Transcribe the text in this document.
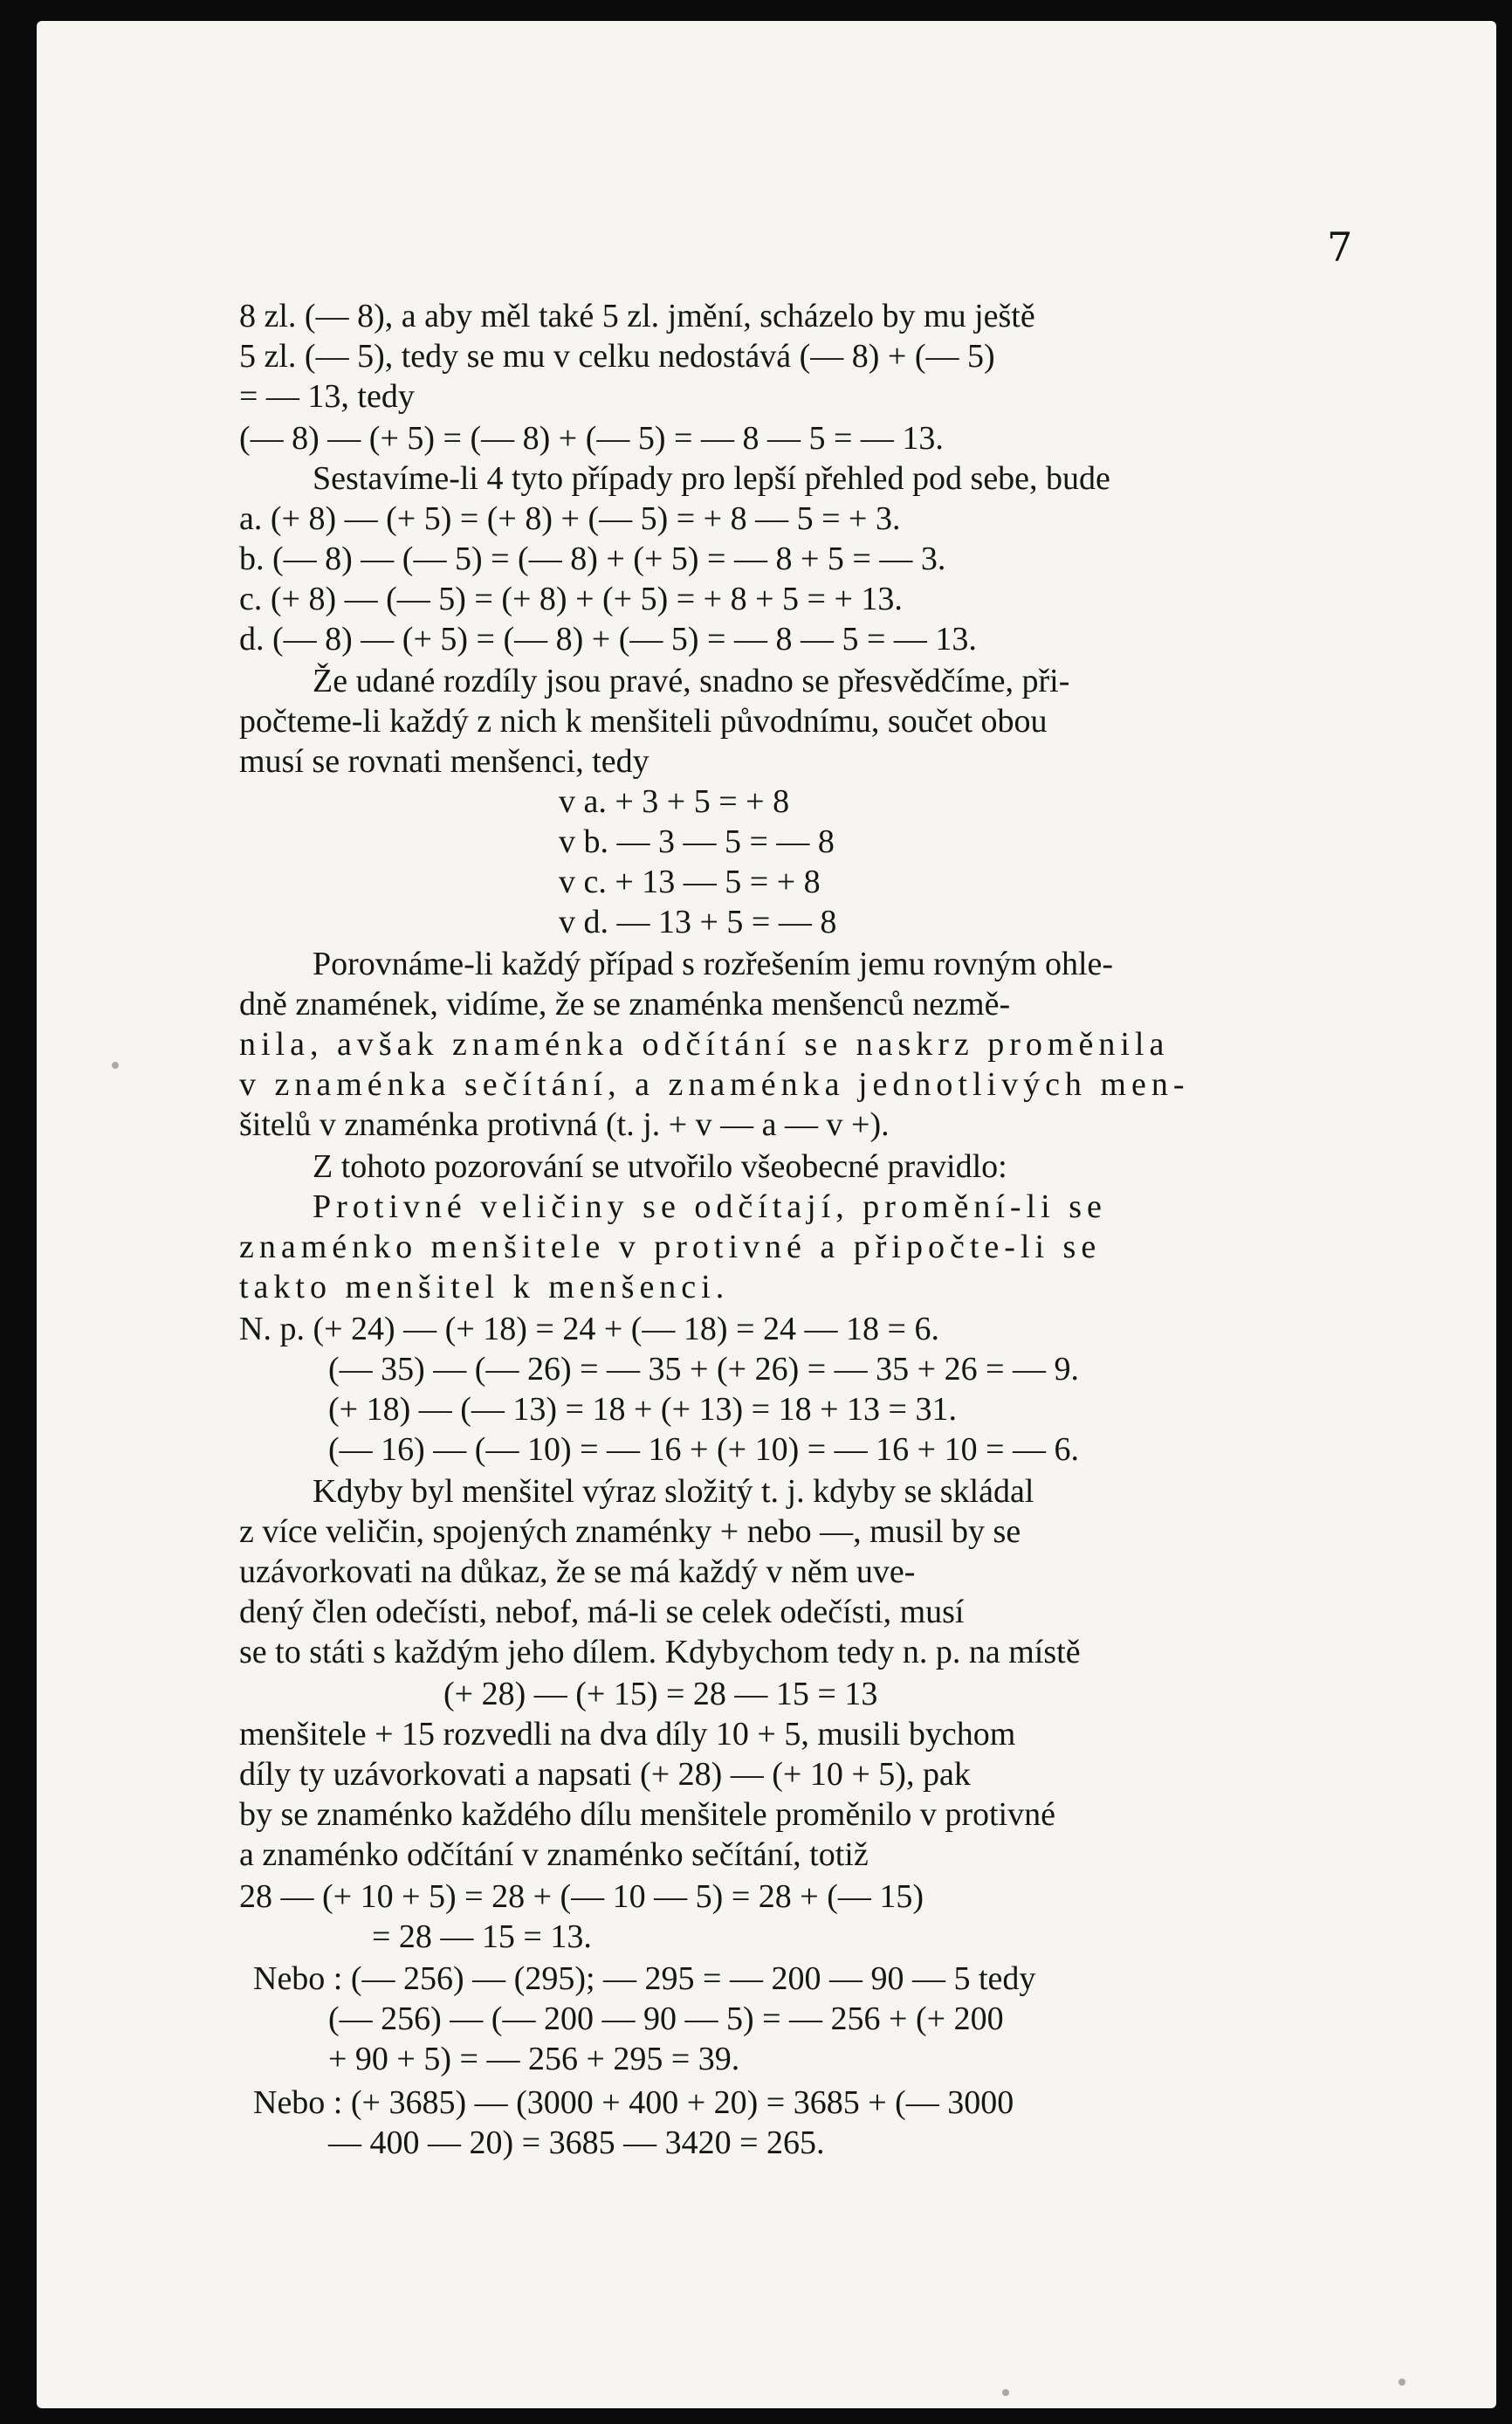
7
8 zl. (— 8), a aby měl také 5 zl. jmění, scházelo by mu ještě
5 zl. (— 5), tedy se mu v celku nedostává (— 8) + (— 5)
= — 13, tedy
(— 8) — (+ 5) = (— 8) + (— 5) = — 8 — 5 = — 13.
Sestavíme-li 4 tyto případy pro lepší přehled pod sebe, bude
a. (+ 8) — (+ 5) = (+ 8) + (— 5) = + 8 — 5 = + 3.
b. (— 8) — (— 5) = (— 8) + (+ 5) = — 8 + 5 = — 3.
c. (+ 8) — (— 5) = (+ 8) + (+ 5) = + 8 + 5 = + 13.
d. (— 8) — (+ 5) = (— 8) + (— 5) = — 8 — 5 = — 13.
Že udané rozdíly jsou pravé, snadno se přesvědčíme, při-
počteme-li každý z nich k menšiteli původnímu, součet obou
musí se rovnati menšenci, tedy
v a. + 3 + 5 = + 8
v b. — 3 — 5 = — 8
v c. + 13 — 5 = + 8
v d. — 13 + 5 = — 8
Porovnáme-li každý případ s rozřešením jemu rovným ohle-
dně znamének, vidíme, že se znaménka menšenců nezmě-
nila, avšak znaménka odčítání se naskrz proměnila
v znaménka sečítání, a znaménka jednotlivých men-
šitelů v znaménka protivná (t. j. + v — a — v +).
Z tohoto pozorování se utvořilo všeobecné pravidlo:
Protivné veličiny se odčítají, promění-li se
znaménko menšitele v protivné a připočte-li se
takto menšitel k menšenci.
N. p. (+ 24) — (+ 18) = 24 + (— 18) = 24 — 18 = 6.
(— 35) — (— 26) = — 35 + (+ 26) = — 35 + 26 = — 9.
(+ 18) — (— 13) = 18 + (+ 13) = 18 + 13 = 31.
(— 16) — (— 10) = — 16 + (+ 10) = — 16 + 10 = — 6.
Kdyby byl menšitel výraz složitý t. j. kdyby se skládal
z více veličin, spojených znaménky + nebo —, musil by se
uzávorkovati na důkaz, že se má každý v něm uve-
dený člen odečísti, nebof, má-li se celek odečísti, musí
se to státi s každým jeho dílem. Kdybychom tedy n. p. na místě
(+ 28) — (+ 15) = 28 — 15 = 13
menšitele + 15 rozvedli na dva díly 10 + 5, musili bychom
díly ty uzávorkovati a napsati (+ 28) — (+ 10 + 5), pak
by se znaménko každého dílu menšitele proměnilo v protivné
a znaménko odčítání v znaménko sečítání, totiž
28 — (+ 10 + 5) = 28 + (— 10 — 5) = 28 + (— 15)
= 28 — 15 = 13.
Nebo : (— 256) — (295); — 295 = — 200 — 90 — 5 tedy
(— 256) — (— 200 — 90 — 5) = — 256 + (+ 200
+ 90 + 5) = — 256 + 295 = 39.
Nebo : (+ 3685) — (3000 + 400 + 20) = 3685 + (— 3000
— 400 — 20) = 3685 — 3420 = 265.
